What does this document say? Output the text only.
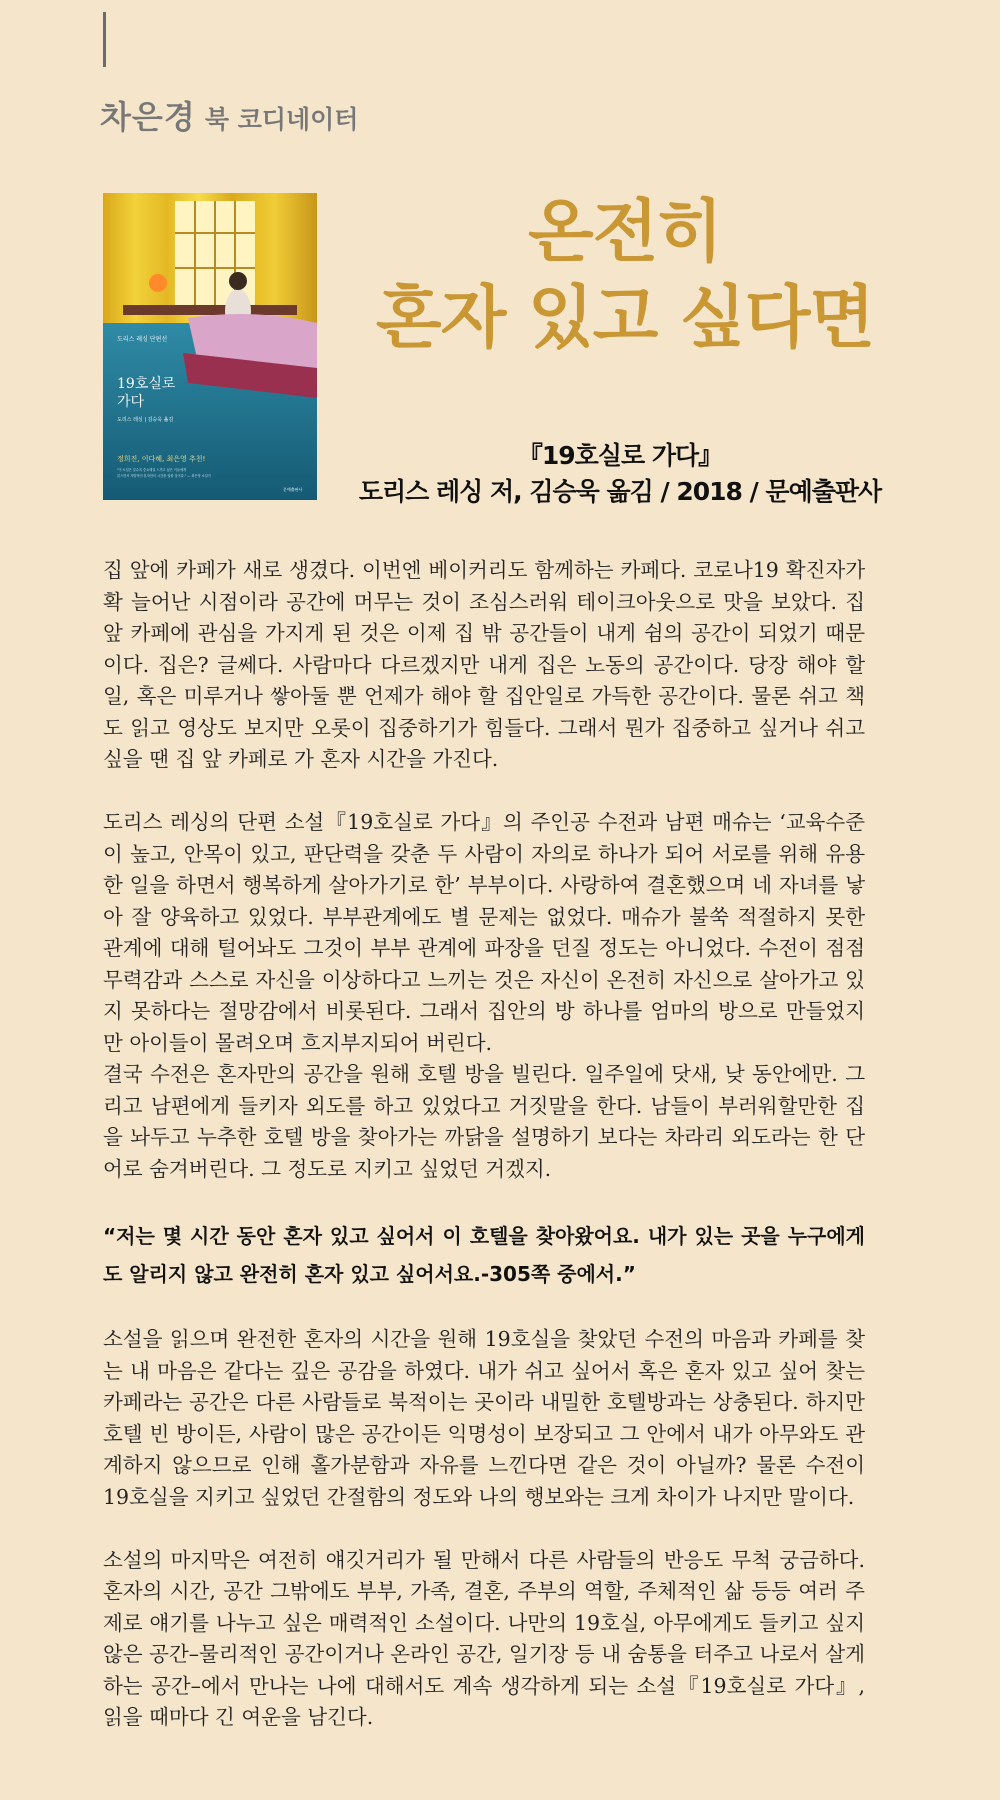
차은경 북 코디네이터
도리스 레싱 단편선
19호실로
가다
도리스 레싱 | 김승욱 옮김
정희진, 이다혜, 최은영 추천!
"이 소설은 갈수록 중요해질 느끼고 싶은 이들에게
읽으면서 자발적인 혼자만의 시간을 권할 것이다." — 최은영 소설가
문예출판사
온전히
혼자 있고 싶다면
『19호실로 가다』
도리스 레싱 저, 김승욱 옮김 / 2018 / 문예출판사

집 앞에 카페가 새로 생겼다. 이번엔 베이커리도 함께하는 카페다. 코로나19 확진자가 확 늘어난 시점이라 공간에 머무는 것이 조심스러워 테이크아웃으로 맛을 보았다. 집 앞 카페에 관심을 가지게 된 것은 이제 집 밖 공간들이 내게 쉼의 공간이 되었기 때문이다. 집은? 글쎄다. 사람마다 다르겠지만 내게 집은 노동의 공간이다. 당장 해야 할 일, 혹은 미루거나 쌓아둘 뿐 언제가 해야 할 집안일로 가득한 공간이다. 물론 쉬고 책도 읽고 영상도 보지만 오롯이 집중하기가 힘들다. 그래서 뭔가 집중하고 싶거나 쉬고 싶을 땐 집 앞 카페로 가 혼자 시간을 가진다.

도리스 레싱의 단편 소설『19호실로 가다』의 주인공 수전과 남편 매슈는 ‘교육수준이 높고, 안목이 있고, 판단력을 갖춘 두 사람이 자의로 하나가 되어 서로를 위해 유용한 일을 하면서 행복하게 살아가기로 한’ 부부이다. 사랑하여 결혼했으며 네 자녀를 낳아 잘 양육하고 있었다. 부부관계에도 별 문제는 없었다. 매슈가 불쑥 적절하지 못한 관계에 대해 털어놔도 그것이 부부 관계에 파장을 던질 정도는 아니었다. 수전이 점점 무력감과 스스로 자신을 이상하다고 느끼는 것은 자신이 온전히 자신으로 살아가고 있지 못하다는 절망감에서 비롯된다. 그래서 집안의 방 하나를 엄마의 방으로 만들었지만 아이들이 몰려오며 흐지부지되어 버린다.

결국 수전은 혼자만의 공간을 원해 호텔 방을 빌린다. 일주일에 닷새, 낮 동안에만. 그리고 남편에게 들키자 외도를 하고 있었다고 거짓말을 한다. 남들이 부러워할만한 집을 놔두고 누추한 호텔 방을 찾아가는 까닭을 설명하기 보다는 차라리 외도라는 한 단어로 숨겨버린다. 그 정도로 지키고 싶었던 거겠지.

“저는 몇 시간 동안 혼자 있고 싶어서 이 호텔을 찾아왔어요. 내가 있는 곳을 누구에게도 알리지 않고 완전히 혼자 있고 싶어서요.-305쪽 중에서.”

소설을 읽으며 완전한 혼자의 시간을 원해 19호실을 찾았던 수전의 마음과 카페를 찾는 내 마음은 같다는 깊은 공감을 하였다. 내가 쉬고 싶어서 혹은 혼자 있고 싶어 찾는 카페라는 공간은 다른 사람들로 북적이는 곳이라 내밀한 호텔방과는 상충된다. 하지만 호텔 빈 방이든, 사람이 많은 공간이든 익명성이 보장되고 그 안에서 내가 아무와도 관계하지 않으므로 인해 홀가분함과 자유를 느낀다면 같은 것이 아닐까? 물론 수전이 19호실을 지키고 싶었던 간절함의 정도와 나의 행보와는 크게 차이가 나지만 말이다.

소설의 마지막은 여전히 얘깃거리가 될 만해서 다른 사람들의 반응도 무척 궁금하다. 혼자의 시간, 공간 그밖에도 부부, 가족, 결혼, 주부의 역할, 주체적인 삶 등등 여러 주제로 얘기를 나누고 싶은 매력적인 소설이다. 나만의 19호실, 아무에게도 들키고 싶지 않은 공간–물리적인 공간이거나 온라인 공간, 일기장 등 내 숨통을 터주고 나로서 살게 하는 공간–에서 만나는 나에 대해서도 계속 생각하게 되는 소설『19호실로 가다』, 읽을 때마다 긴 여운을 남긴다.
